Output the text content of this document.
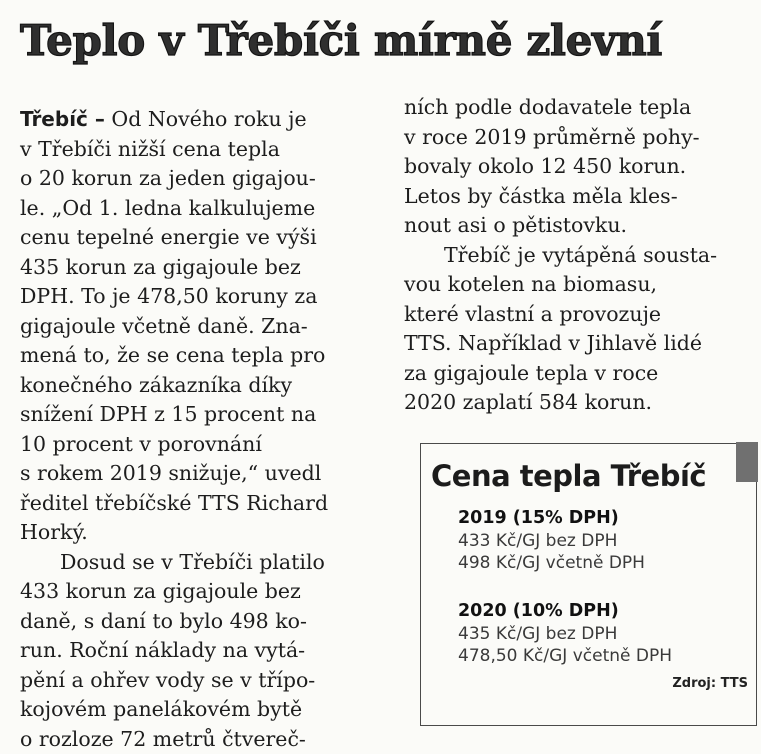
Teplo v Třebíči mírně zlevní
Třebíč – Od Nového roku je
v Třebíči nižší cena tepla
o 20 korun za jeden gigajou-
le. „Od 1. ledna kalkulujeme
cenu tepelné energie ve výši
435 korun za gigajoule bez
DPH. To je 478,50 koruny za
gigajoule včetně daně. Zna-
mená to, že se cena tepla pro
konečného zákazníka díky
snížení DPH z 15 procent na
10 procent v porovnání
s rokem 2019 snižuje,“ uvedl
ředitel třebíčské TTS Richard
Horký.
Dosud se v Třebíči platilo
433 korun za gigajoule bez
daně, s daní to bylo 498 ko-
run. Roční náklady na vytá-
pění a ohřev vody se v třípo-
kojovém panelákovém bytě
o rozloze 72 metrů čtvereč-
ních podle dodavatele tepla
v roce 2019 průměrně pohy-
bovaly okolo 12 450 korun.
Letos by částka měla kles-
nout asi o pětistovku.
Třebíč je vytápěná sousta-
vou kotelen na biomasu,
které vlastní a provozuje
TTS. Například v Jihlavě lidé
za gigajoule tepla v roce
2020 zaplatí 584 korun.
Cena tepla Třebíč
2019 (15% DPH)
433 Kč/GJ bez DPH
498 Kč/GJ včetně DPH
2020 (10% DPH)
435 Kč/GJ bez DPH
478,50 Kč/GJ včetně DPH
Zdroj: TTS
